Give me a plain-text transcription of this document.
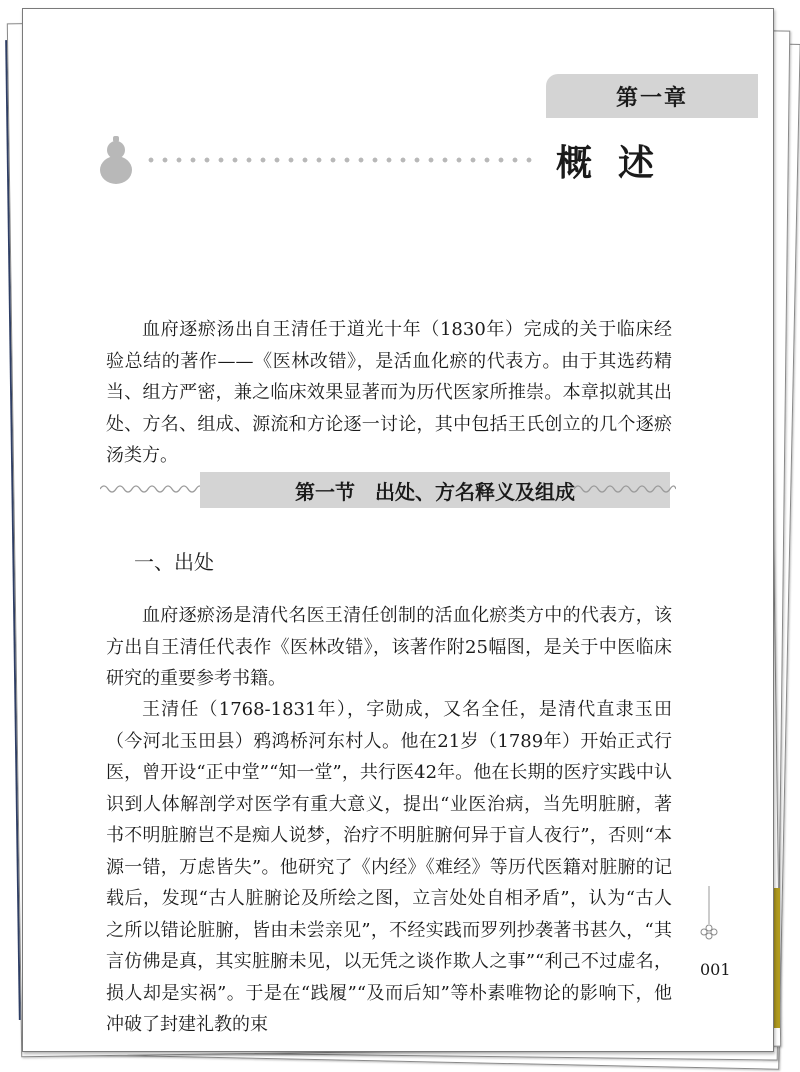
第一章
概述
血府逐瘀汤出自王清任于道光十年（1830年）完成的关于临床经验总结的著作——《医林改错》，是活血化瘀的代表方。由于其选药精当、组方严密，兼之临床效果显著而为历代医家所推崇。本章拟就其出处、方名、组成、源流和方论逐一讨论，其中包括王氏创立的几个逐瘀汤类方。
第一节　出处、方名释义及组成
一、出处
血府逐瘀汤是清代名医王清任创制的活血化瘀类方中的代表方，该方出自王清任代表作《医林改错》，该著作附25幅图，是关于中医临床研究的重要参考书籍。
王清任（1768-1831年），字勋成，又名全任，是清代直隶玉田（今河北玉田县）鸦鸿桥河东村人。他在21岁（1789年）开始正式行医，曾开设“正中堂”“知一堂”，共行医42年。他在长期的医疗实践中认识到人体解剖学对医学有重大意义，提出“业医治病，当先明脏腑，著书不明脏腑岂不是痴人说梦，治疗不明脏腑何异于盲人夜行”，否则“本源一错，万虑皆失”。他研究了《内经》《难经》等历代医籍对脏腑的记载后，发现“古人脏腑论及所绘之图，立言处处自相矛盾”，认为“古人之所以错论脏腑，皆由未尝亲见”，不经实践而罗列抄袭著书甚久，“其言仿佛是真，其实脏腑未见，以无凭之谈作欺人之事”“利己不过虚名，损人却是实祸”。于是在“践履”“及而后知”等朴素唯物论的影响下，他冲破了封建礼教的束
001
